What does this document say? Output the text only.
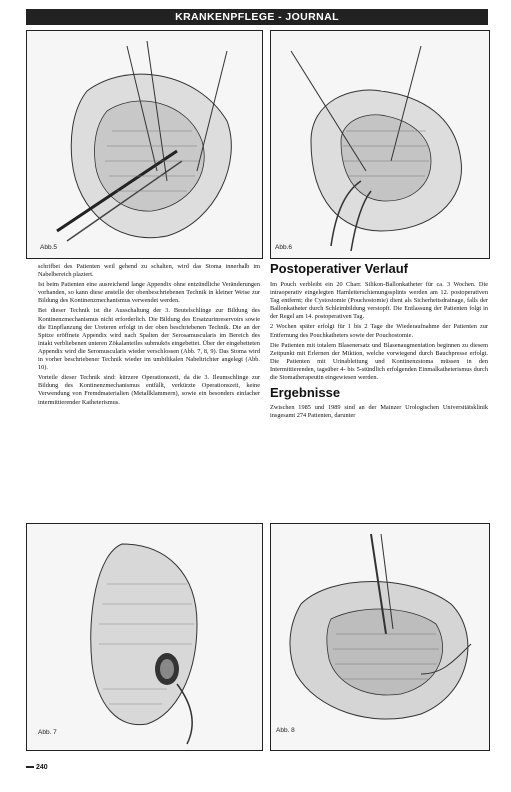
KRANKENPFLEGE - JOURNAL
Abb.5	Abb.6

schrifbei des Patienten weil gehend zu schalten, wird das Stoma innerhalb im Nabelbereich plaziert.

Ist beim Patienten eine ausreichend lange Appendix ohne entzündliche Veränderungen vorhanden, so kann diese anstelle der obenbeschriebenen Technik in kleiner Weise zur Bildung des Kontinenzmechanismus verwendet werden.

Bei dieser Technik ist die Ausschaltung der 3. Beutelschlinge zur Bildung des Kontinenzmechanismus nicht erforderlich. Die Bildung des Ersatzurinreservoirs sowie die Einpflanzung der Ureteren erfolgt in der oben beschriebenen Technik. Die an der Spitze eröffnete Appendix wird nach Spalten der Serosamuscularis im Bereich des intakt verbliebenen unteren Zökalanteiles submukös eingebettet. Über der eingebetteten Appendix wird die Seromuscularis wieder verschlossen (Abb. 7, 8, 9). Das Stoma wird in vorher beschriebener Technik wieder im umbilikalen Nabeltrichter angelegt (Abb. 10).

Vorteile dieser Technik sind: kürzere Operationszeit, da die 3. Ileumschlinge zur Bildung des Kontinenzmechanismus entfällt, verkürzte Operationszeit, keine Verwendung von Fremdmaterialien (Metallklammern), sowie ein besonders einfacher intermittierender Katheterismus.

Postoperativer Verlauf

Im Pouch verbleibt ein 20 Charr. Silikon-Ballonkatheter für ca. 3 Wochen. Die intraoperativ eingelegten Harnleiterschienungssplints werden am 12. postoperativen Tag entfernt; die Cystostomie (Pouchostomie) dient als Sicherheitsdrainage, falls der Ballonkatheter durch Schleimbildung verstopft. Die Entlassung der Patienten folgt in der Regel am 14. postoperativen Tag.

2 Wochen später erfolgt für 1 bis 2 Tage die Wiederaufnahme der Patienten zur Entfernung des Pouchkatheters sowie der Pouchostomie.

Die Patienten mit totalem Blasenersatz und Blasenaugmentation beginnen zu diesem Zeitpunkt mit Erlernen der Miktion, welche vorwiegend durch Bauchpresse erfolgt. Die Patienten mit Urinableitung und Kontinenzstoma müssen in den Intermittierenden, tagsüber 4- bis 5-stündlich erfolgenden Einmalkatheterismus durch die Stomatherapeutin eingewiesen werden.

Ergebnisse

Zwischen 1985 und 1989 sind an der Mainzer Urologischen Universitätsklinik insgesamt 274 Patienten, darunter

Abb. 7	Abb. 8
240
